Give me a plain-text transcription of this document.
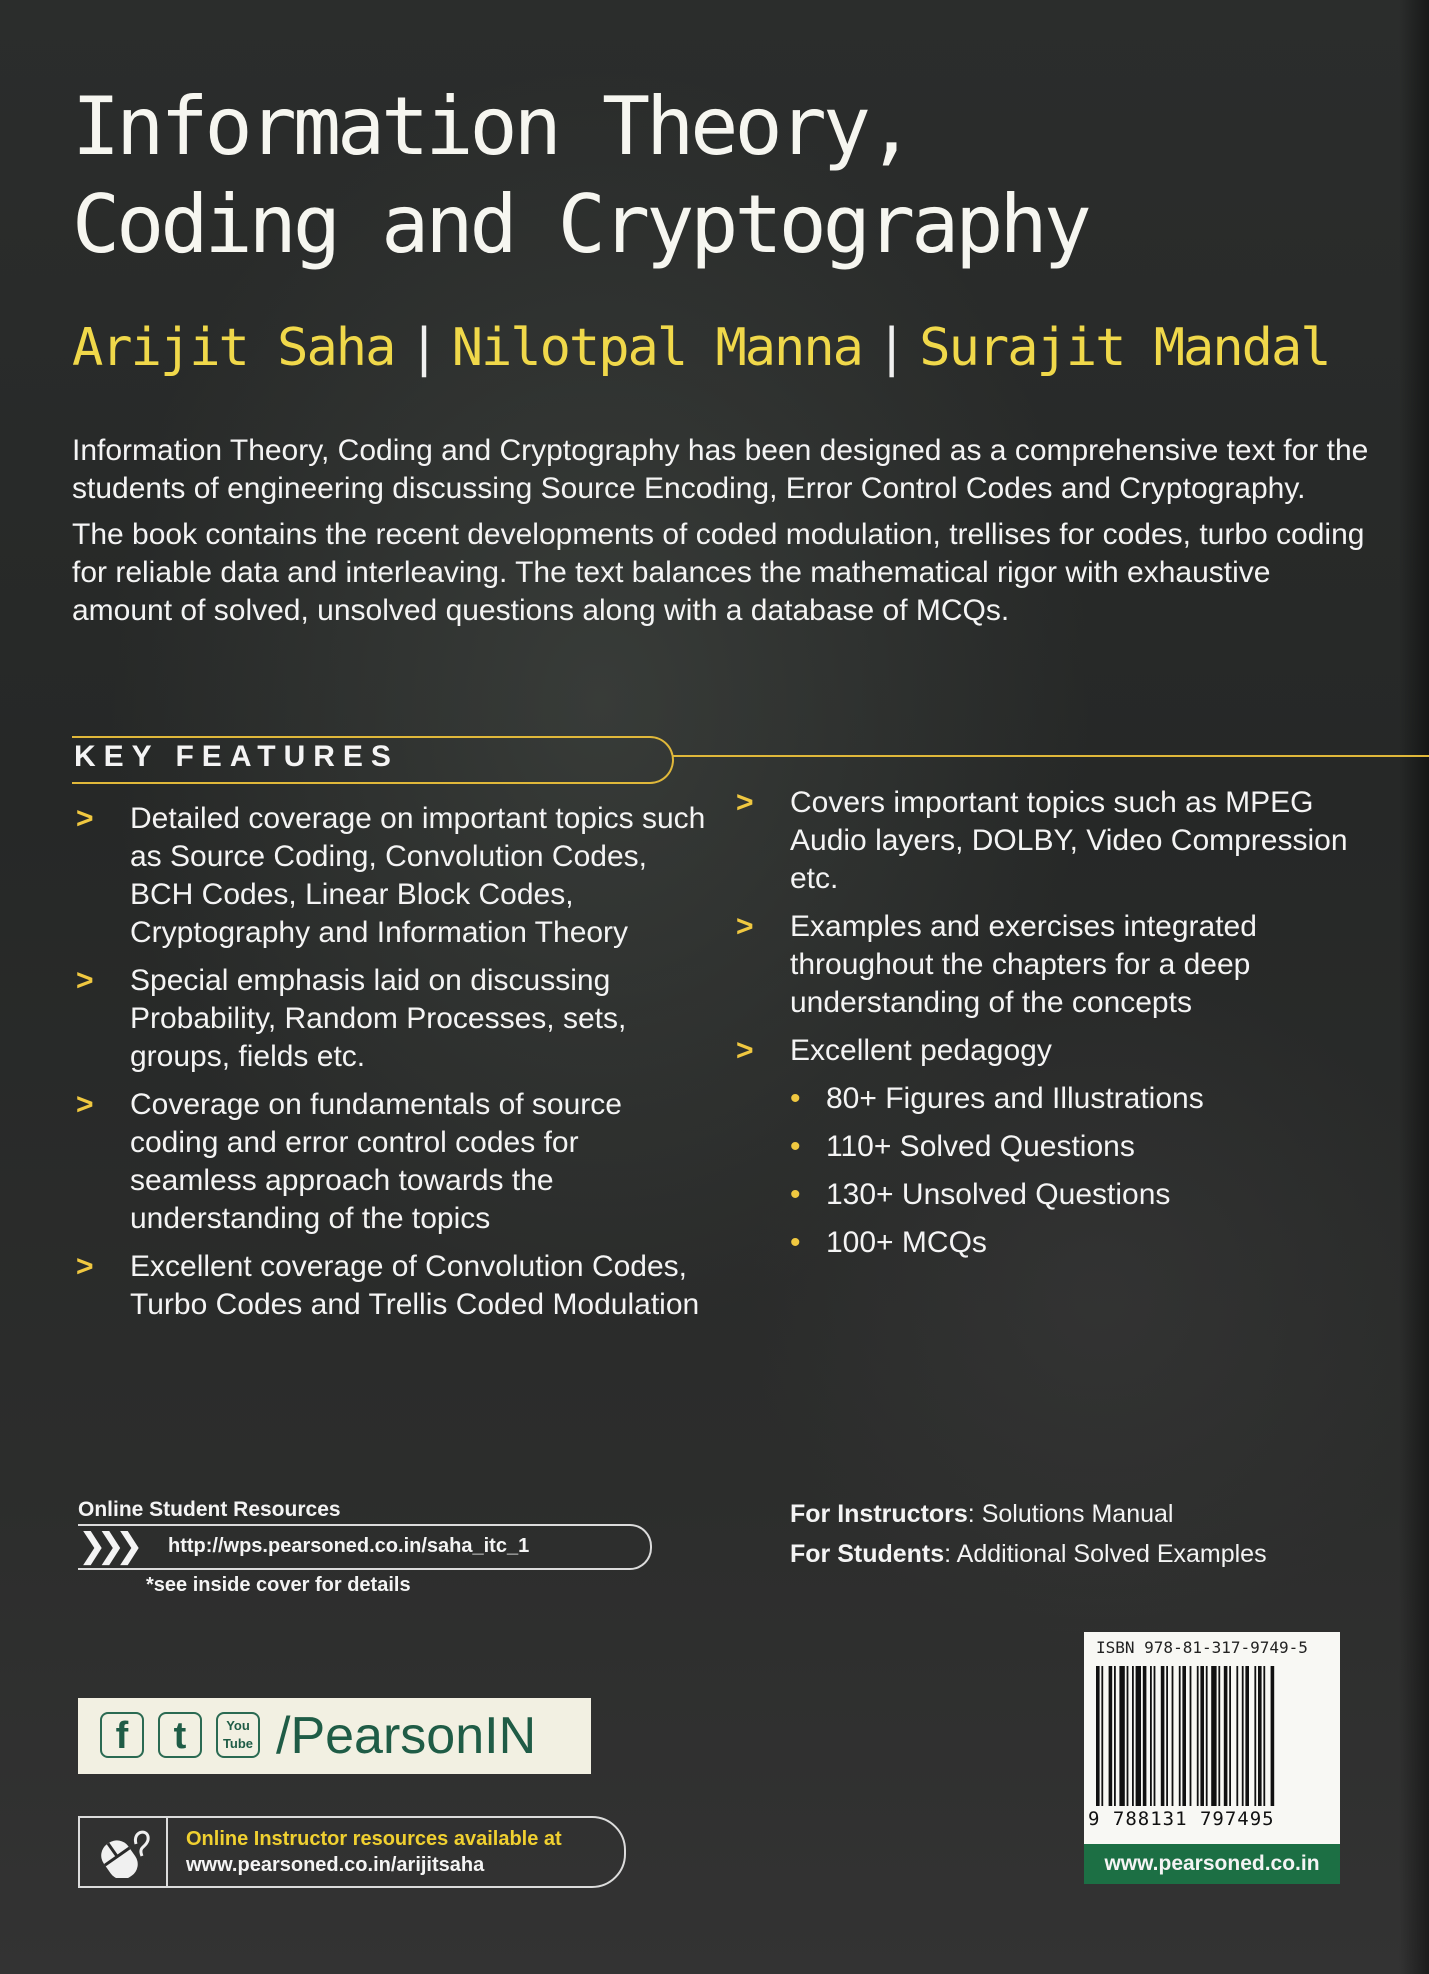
Information Theory,
Coding and Cryptography
Arijit Saha | Nilotpal Manna | Surajit Mandal

Information Theory, Coding and Cryptography has been designed as a comprehensive text for the students of engineering discussing Source Encoding, Error Control Codes and Cryptography.

The book contains the recent developments of coded modulation, trellises for codes, turbo coding for reliable data and interleaving. The text balances the mathematical rigor with exhaustive amount of solved, unsolved questions along with a database of MCQs.

KEY FEATURES
> Detailed coverage on important topics such as Source Coding, Convolution Codes, BCH Codes, Linear Block Codes, Cryptography and Information Theory
> Special emphasis laid on discussing Probability, Random Processes, sets, groups, fields etc.
> Coverage on fundamentals of source coding and error control codes for seamless approach towards the understanding of the topics
> Excellent coverage of Convolution Codes, Turbo Codes and Trellis Coded Modulation
> Covers important topics such as MPEG Audio layers, DOLBY, Video Compression etc.
> Examples and exercises integrated throughout the chapters for a deep understanding of the concepts
> Excellent pedagogy
• 80+ Figures and Illustrations
• 110+ Solved Questions
• 130+ Unsolved Questions
• 100+ MCQs
Online Student Resources
❯❯❯ http://wps.pearsoned.co.in/saha_itc_1
*see inside cover for details
For Instructors: Solutions Manual
For Students: Additional Solved Examples
f	t	You
Tube /PearsonIN
Online Instructor resources available at
www.pearsoned.co.in/arijitsaha
ISBN 978-81-317-9749-5
9 788131 797495
www.pearsoned.co.in
